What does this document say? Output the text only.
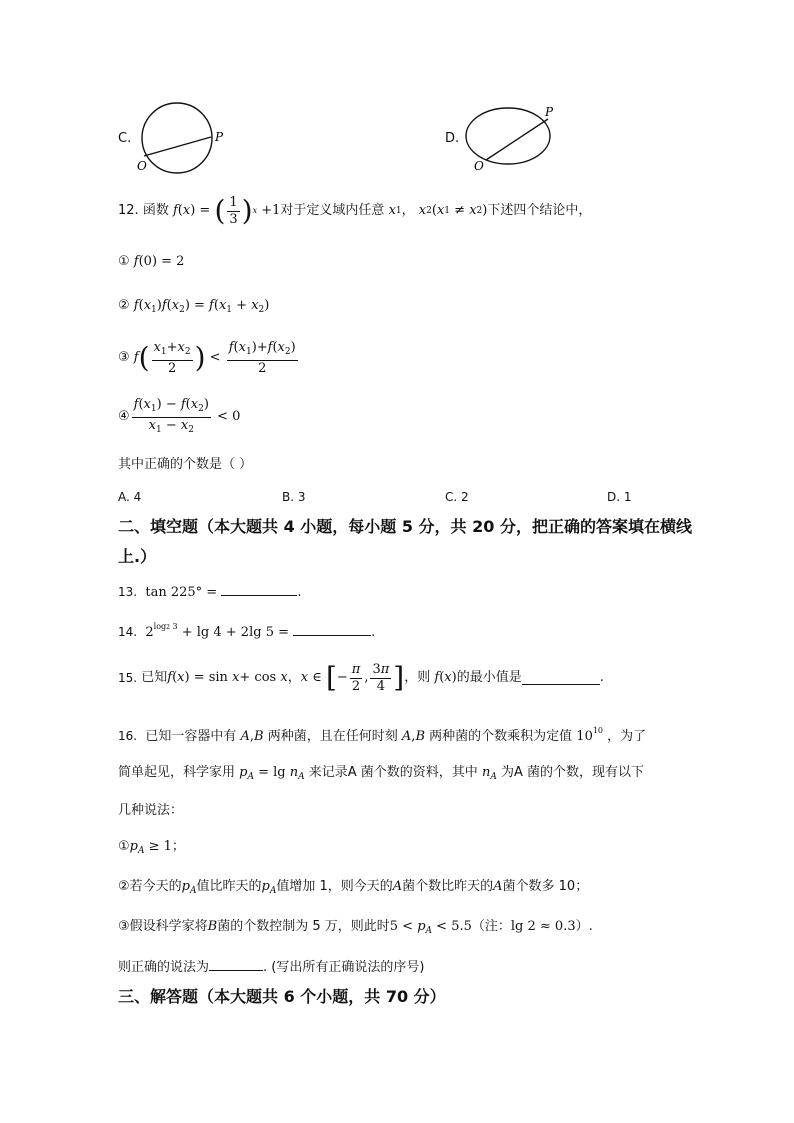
C.
O
P	D.
O
P
12.
函数 f ( x ) = ( $\frac{1}{3}$ ) x +1 对于定义域内任意 x 1 ， x 2 ( x 1 ≠ x 2 ) 下述四个结论中，
① f(0) = 2
② $f(x_1)f(x_2) = f(x_1 + x_2)$
③ f ( $\frac{x_1+x_2}{2}$ ) < $\frac{f(x_1)+f(x_2)}{2}$
④ $\frac{f(x_1) - f(x_2)}{x_1 - x_2} < 0$
其中正确的个数是（ ）
A. 4	B. 3	C. 2	D. 1
二、填空题（本大题共 4 小题，每小题 5 分，共 20 分，把正确的答案填在横线
上.）
13. tan 225° =	.
14. $2^{log2 3} + \lg 4 + 2\lg$ 5 =	.
15.
已知 f ( x ) = sin x + cos x ， x ∈ [ − $\frac{\pi}{2}$ , $\frac{3\pi}{4}$ ] ，则 f ( x ) 的最小值是	.
16. 已知一容器中有 A,B 两种菌，且在任何时刻 A,B 两种菌的个数乘积为定值 $10^{10}$ ，为了
简单起见，科学家用 $p_A = \lg n_A$ 来记录A 菌个数的资料，其中 $n_A$ 为A 菌的个数，现有以下
几种说法：
$①p_A \ge 1$；
②若今天的$p_A$值比昨天的$p_A$值增加 1，则今天的A菌个数比昨天的A菌个数多 10；
③假设科学家将B菌的个数控制为 5 万，则此时$5 < p_A < 5.5$（注：lg 2 ≈ 0.3）.
则正确的说法为	. (写出所有正确说法的序号)
三、解答题（本大题共 6 个小题，共 70 分）
